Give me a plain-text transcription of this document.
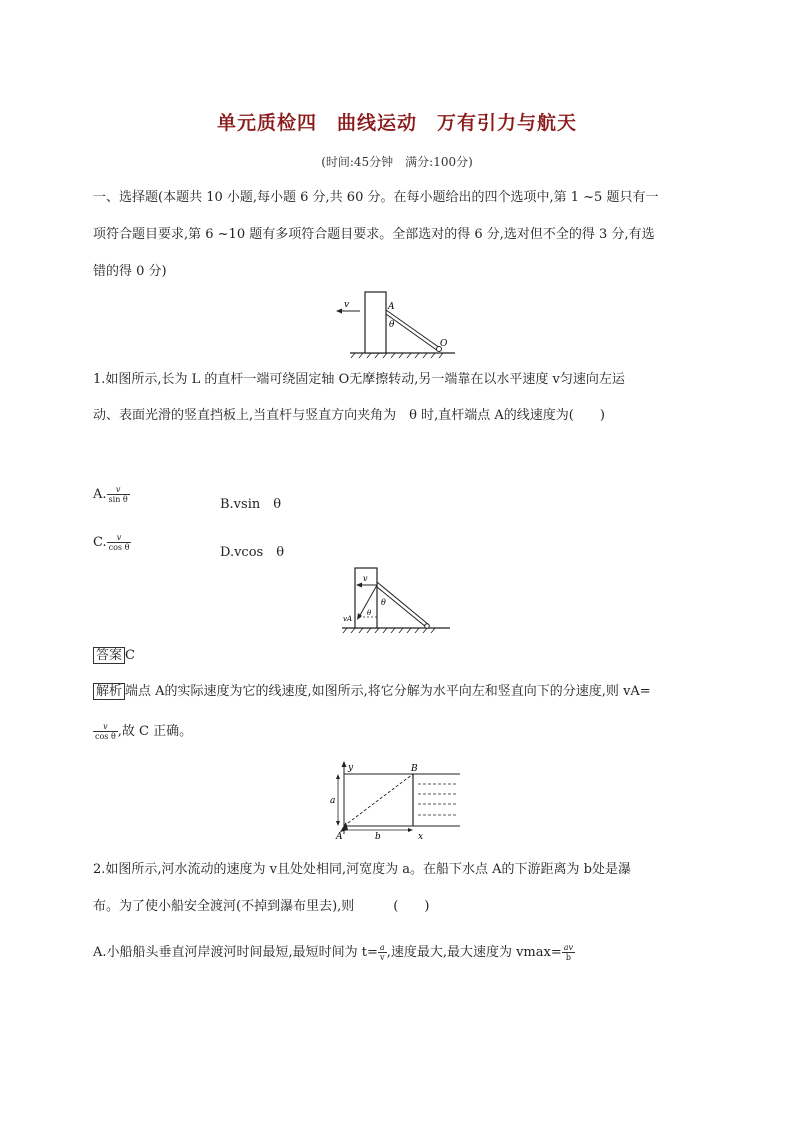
单元质检四　曲线运动　万有引力与航天
(时间:45分钟　满分:100分)
一、选择题(本题共 10 小题,每小题 6 分,共 60 分。在每小题给出的四个选项中,第 1 ~5 题只有一
项符合题目要求,第 6 ~10 题有多项符合题目要求。全部选对的得 6 分,选对但不全的得 3 分,有选
错的得 0 分)
v	A
θ
O
1.如图所示,长为 L 的直杆一端可绕固定轴 O无摩擦转动,另一端靠在以水平速度 v匀速向左运
动、表面光滑的竖直挡板上,当直杆与竖直方向夹角为　θ 时,直杆端点 A的线速度为(　　)
A. $\frac{v}{\text{sin θ}}$
B.vsin　θ
C. $\frac{v}{\text{cos θ}}$
D.vcos　θ
v
θ
θ
vA
答案 C
解析 端点 A的实际速度为它的线速度,如图所示,将它分解为水平向左和竖直向下的分速度,则 vA=
$\frac{v}{\text{cos θ}}$ ,故 C 正确。
y	B
a
A	b	x
2.如图所示,河水流动的速度为 v且处处相同,河宽度为 a。在船下水点 A的下游距离为 b处是瀑
布。为了使小船安全渡河(不掉到瀑布里去),则　　　(　　)
A.小船船头垂直河岸渡河时间最短,最短时间为 $t= \frac{a}{v}$ ,速度最大,最大速度为 $vmax= \frac{av}{b}$
